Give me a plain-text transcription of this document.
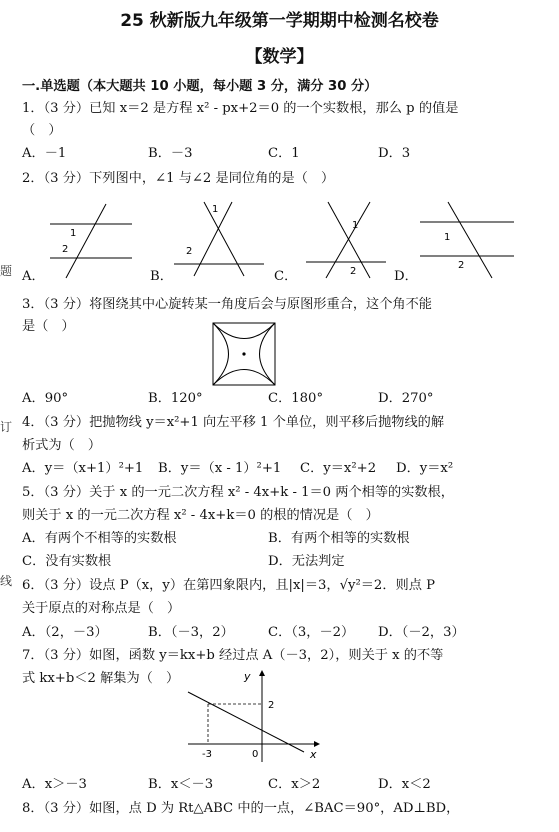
25 秋新版九年级第一学期期中检测名校卷
【数学】
一.单选题（本大题共 10 小题，每小题 3 分，满分 30 分）
1．（3 分）已知 x＝2 是方程 x² - px+2＝0 的一个实数根，那么 p 的值是
（　）
A．－1	B．－3	C．1	D．3
2．（3 分）下列图中，∠1 与∠2 是同位角的是（　）
1
2
A．
1
2
B．
1
2
C．
1
2
D．
3．（3 分）将图绕其中心旋转某一角度后会与原图形重合，这个角不能
是（　）
A．90°	B．120°	C．180°	D．270°
4．（3 分）把抛物线 y＝x²+1 向左平移 1 个单位，则平移后抛物线的解
析式为（　）
A．y＝（x+1）²+1 B．y＝（x - 1）²+1 C．y＝x²+2 D．y＝x²
5．（3 分）关于 x 的一元二次方程 x² - 4x+k - 1＝0 两个相等的实数根，
则关于 x 的一元二次方程 x² - 4x+k＝0 的根的情况是（　）
A．有两个不相等的实数根	B．有两个相等的实数根
C．没有实数根	D．无法判定
6．（3 分）设点 P（x，y）在第四象限内，且|x|＝3，√y²＝2．则点 P
关于原点的对称点是（　）
A．（2，－3）	B．（－3，2）	C．（3，－2） D．（－2，3）
7．（3 分）如图，函数 y＝kx+b 经过点 A（－3，2），则关于 x 的不等
式 kx+b＜2 解集为（　）	y
x
0
-3
2
A．x＞－3	B．x＜－3	C．x＞2	D．x＜2
8．（3 分）如图，点 D 为 Rt△ABC 中的一点，∠BAC＝90°，AD⊥BD，
题
订
线
